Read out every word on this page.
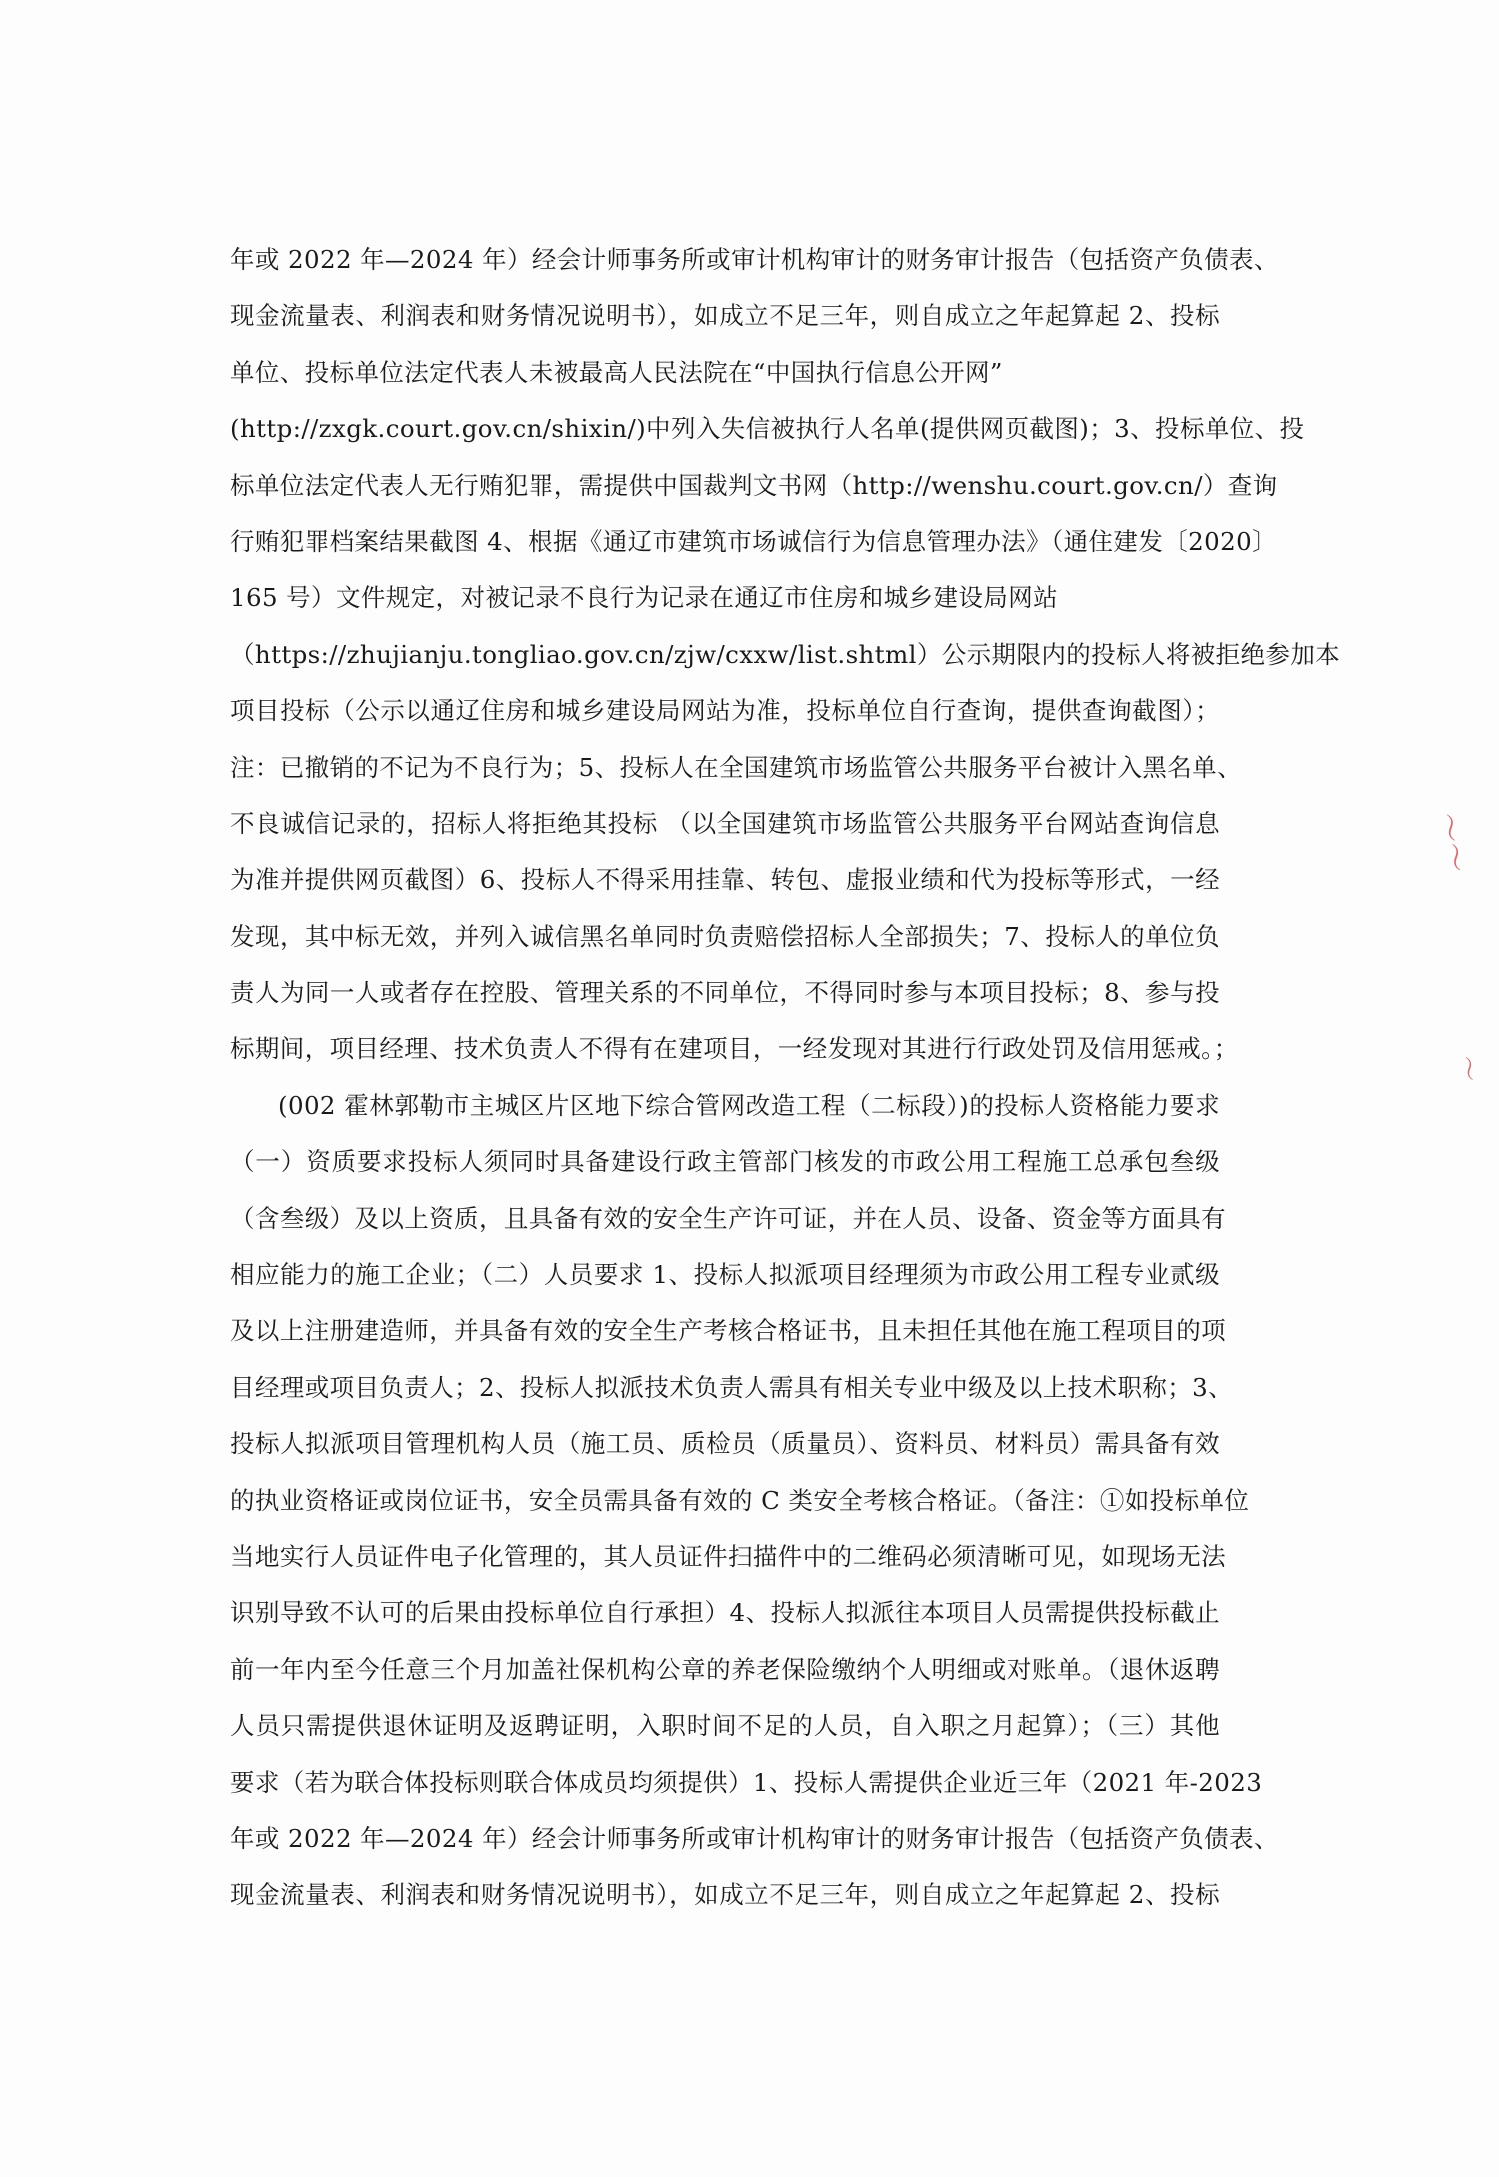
年或 2022 年—2024 年）经会计师事务所或审计机构审计的财务审计报告（包括资产负债表、
现金流量表、利润表和财务情况说明书），如成立不足三年，则自成立之年起算起 2、投标
单位、投标单位法定代表人未被最高人民法院在“中国执行信息公开网”
(http://zxgk.court.gov.cn/shixin/)中列入失信被执行人名单(提供网页截图)；3、投标单位、投
标单位法定代表人无行贿犯罪，需提供中国裁判文书网（http://wenshu.court.gov.cn/）查询
行贿犯罪档案结果截图 4、根据《通辽市建筑市场诚信行为信息管理办法》（通住建发〔2020〕
165 号）文件规定，对被记录不良行为记录在通辽市住房和城乡建设局网站
（https://zhujianju.tongliao.gov.cn/zjw/cxxw/list.shtml）公示期限内的投标人将被拒绝参加本
项目投标（公示以通辽住房和城乡建设局网站为准，投标单位自行查询，提供查询截图）；
注：已撤销的不记为不良行为；5、投标人在全国建筑市场监管公共服务平台被计入黑名单、
不良诚信记录的，招标人将拒绝其投标 （以全国建筑市场监管公共服务平台网站查询信息
为准并提供网页截图）6、投标人不得采用挂靠、转包、虚报业绩和代为投标等形式，一经
发现，其中标无效，并列入诚信黑名单同时负责赔偿招标人全部损失；7、投标人的单位负
责人为同一人或者存在控股、管理关系的不同单位，不得同时参与本项目投标；8、参与投
标期间，项目经理、技术负责人不得有在建项目，一经发现对其进行行政处罚及信用惩戒。；
(002 霍林郭勒市主城区片区地下综合管网改造工程（二标段）)的投标人资格能力要求
（一）资质要求投标人须同时具备建设行政主管部门核发的市政公用工程施工总承包叁级
（含叁级）及以上资质，且具备有效的安全生产许可证，并在人员、设备、资金等方面具有
相应能力的施工企业；（二）人员要求 1、投标人拟派项目经理须为市政公用工程专业贰级
及以上注册建造师，并具备有效的安全生产考核合格证书，且未担任其他在施工程项目的项
目经理或项目负责人；2、投标人拟派技术负责人需具有相关专业中级及以上技术职称；3、
投标人拟派项目管理机构人员（施工员、质检员（质量员）、资料员、材料员）需具备有效
的执业资格证或岗位证书，安全员需具备有效的 C 类安全考核合格证。（备注：①如投标单位
当地实行人员证件电子化管理的，其人员证件扫描件中的二维码必须清晰可见，如现场无法
识别导致不认可的后果由投标单位自行承担）4、投标人拟派往本项目人员需提供投标截止
前一年内至今任意三个月加盖社保机构公章的养老保险缴纳个人明细或对账单。（退休返聘
人员只需提供退休证明及返聘证明，入职时间不足的人员，自入职之月起算）；（三）其他
要求（若为联合体投标则联合体成员均须提供）1、投标人需提供企业近三年（2021 年-2023
年或 2022 年—2024 年）经会计师事务所或审计机构审计的财务审计报告（包括资产负债表、
现金流量表、利润表和财务情况说明书），如成立不足三年，则自成立之年起算起 2、投标
〜〜
〜
